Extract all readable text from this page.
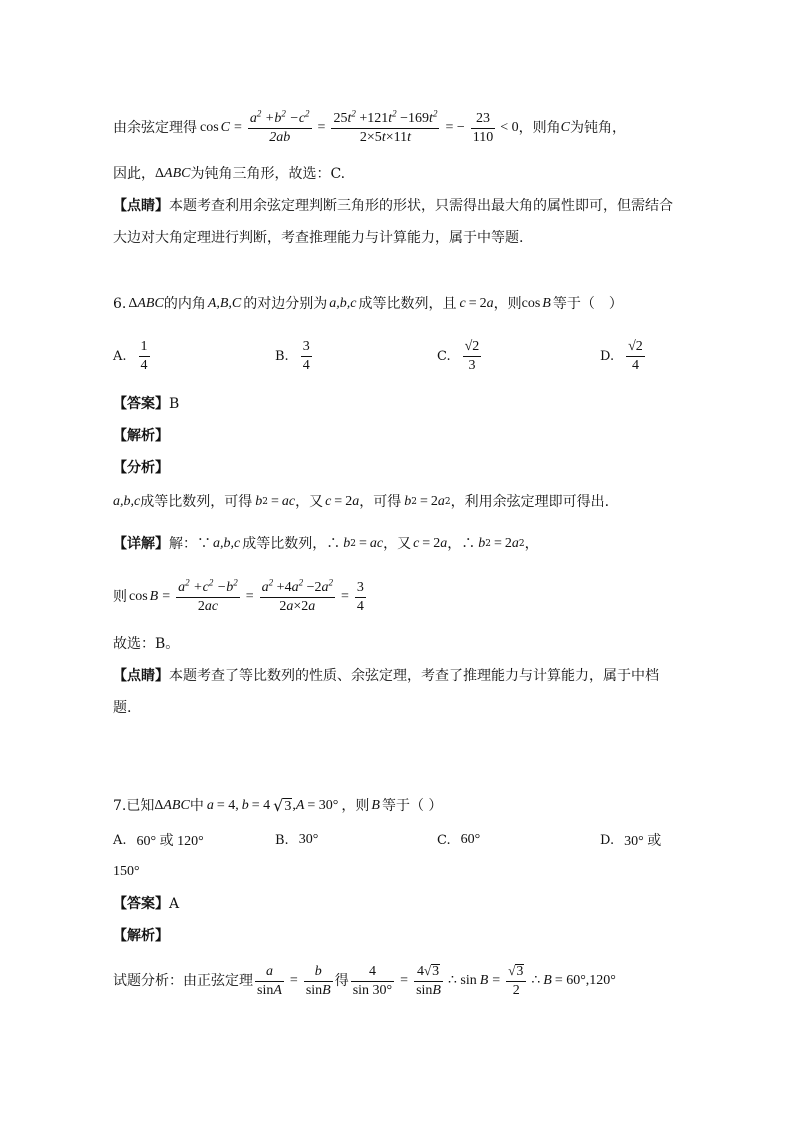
由余弦定理得 $\cos C = \frac{a^2 +b^2 -c^2}{2ab} = \frac{25t^2 +121t^2 -169t^2}{2\times 5t\times 11t}$ = − $\frac{23}{110} < 0$ ，则角 C 为钝角，
因此， Δ ABC 为钝角三角形，故选：C.
【点睛】 本题考查利用余弦定理判断三角形的形状，只需得出最大角的属性即可，但需结合
大边对大角定理进行判断，考查推理能力与计算能力，属于中等题.
6. Δ ABC 的内角 A,B,C 的对边分别为 a,b,c 成等比数列，且 c = 2 a ，则 cos B 等于（　）
A. $\frac{1}{4}$	B. $\frac{3}{4}$	C. $\frac{√2}{3}$	D. $\frac{√2}{4}$
【答案】 B
【解析】
【分析】
a,b,c 成等比数列，可得 b 2 = ac ，又 c = 2 a ，可得 b 2 = 2 a 2 ，利用余弦定理即可得出.
【详解】 解：∵ a,b,c 成等比数列，∴ b 2 = ac ，又 c = 2 a ，∴ b 2 = 2 a 2 ，
则 $\cos B = \frac{a^2 +c^2 -b^2}{2ac} = \frac{a^2 +4a^2 -2a^2}{2a\times 2a} = \frac{3}{4}$
故选：B。
【点睛】 本题考查了等比数列的性质、余弦定理，考查了推理能力与计算能力，属于中档
题.
7. 已知 Δ ABC 中 a = 4, b = 4 √ 3 , A = 30° ，则 B 等于（ ）
A. 60° 或 120°	B. 30°	C. 60°	D. 30° 或
150°
【答案】 A
【解析】
试题分析：由正弦定理 $\frac{a}{\sin A} = \frac{b}{\sin B}$ 得 $\frac{4}{\sin 30^\circ} = \frac{4 √ 3}{\sin B}$ ∴ $\sin B = \frac{√ 3}{2}$ ∴ B = 60°,120°
